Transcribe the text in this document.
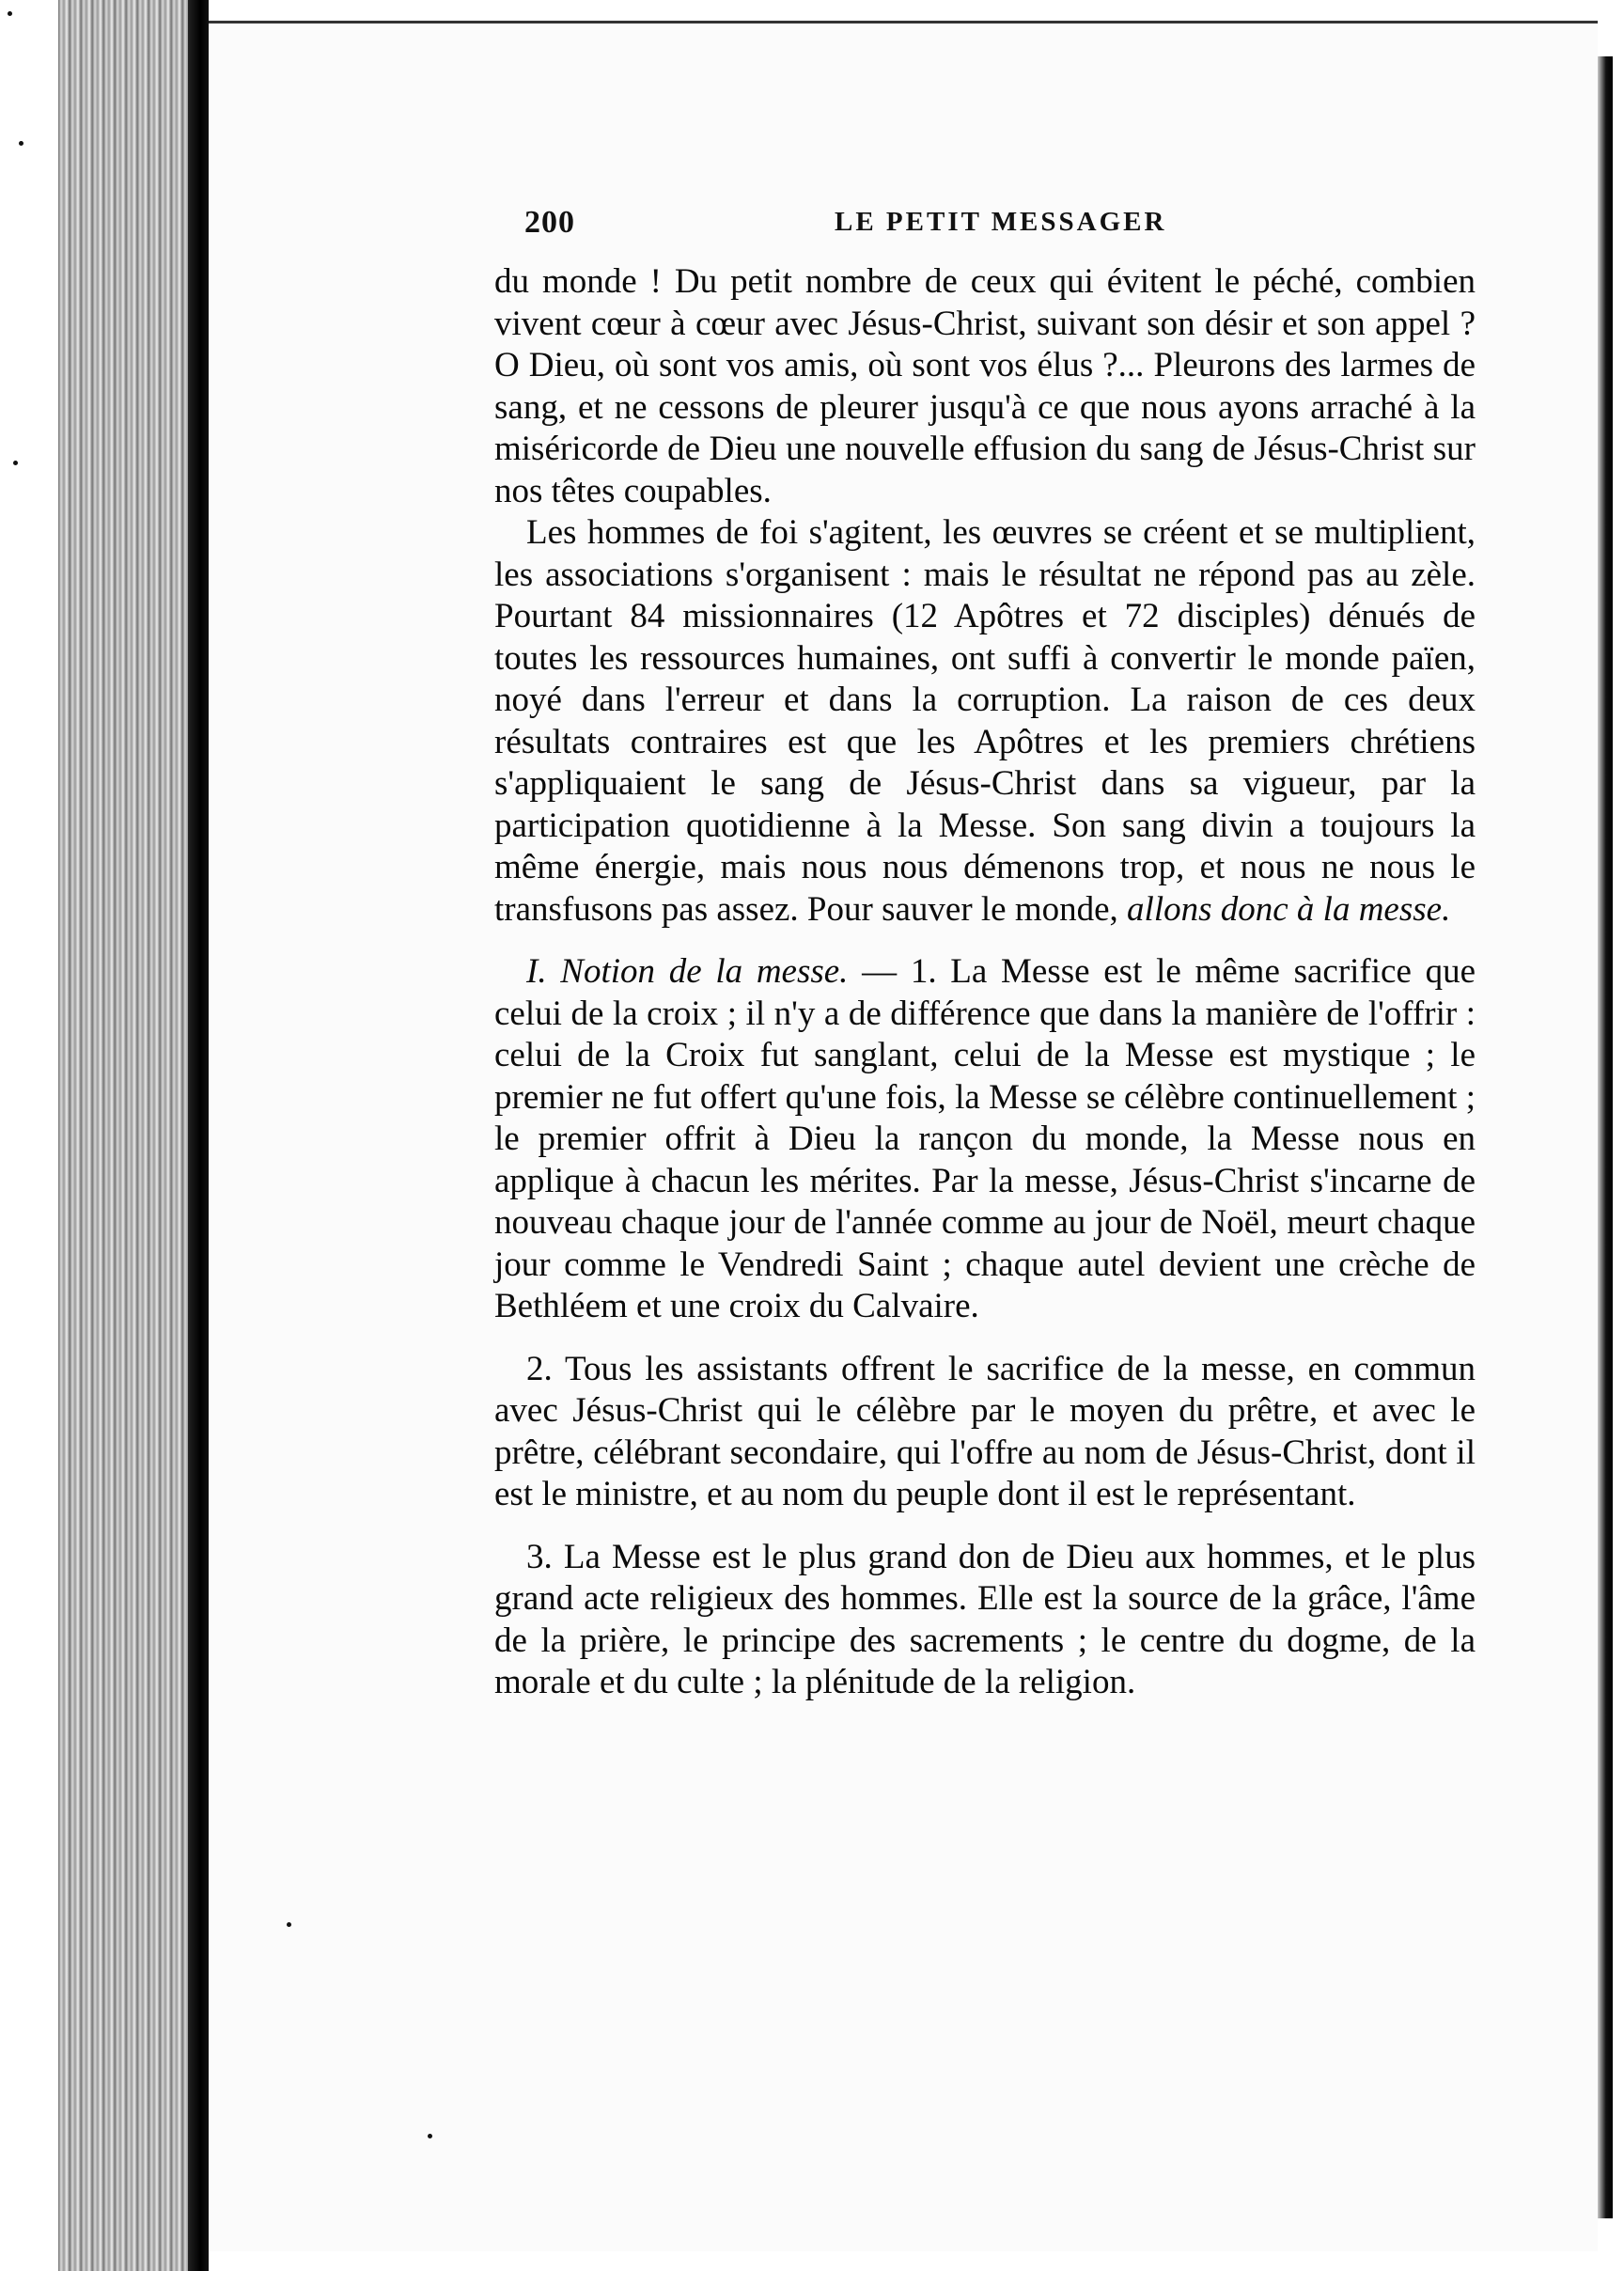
200	LE PETIT MESSAGER

du monde ! Du petit nombre de ceux qui évitent le péché, combien vivent cœur à cœur avec Jésus-Christ, suivant son désir et son appel ? O Dieu, où sont vos amis, où sont vos élus ?... Pleurons des larmes de sang, et ne cessons de pleurer jusqu'à ce que nous ayons arraché à la miséricorde de Dieu une nouvelle effusion du sang de Jésus-Christ sur nos têtes coupables.

Les hommes de foi s'agitent, les œuvres se créent et se multiplient, les associations s'organisent : mais le résultat ne répond pas au zèle. Pourtant 84 missionnaires (12 Apôtres et 72 disciples) dénués de toutes les ressources humaines, ont suffi à convertir le monde païen, noyé dans l'erreur et dans la corruption. La raison de ces deux résultats contraires est que les Apôtres et les premiers chrétiens s'appliquaient le sang de Jésus-Christ dans sa vigueur, par la participation quotidienne à la Messe. Son sang divin a toujours la même énergie, mais nous nous démenons trop, et nous ne nous le transfusons pas assez. Pour sauver le monde, allons donc à la messe.

I. Notion de la messe. — 1. La Messe est le même sacrifice que celui de la croix ; il n'y a de différence que dans la manière de l'offrir : celui de la Croix fut sanglant, celui de la Messe est mystique ; le premier ne fut offert qu'une fois, la Messe se célèbre continuellement ; le premier offrit à Dieu la rançon du monde, la Messe nous en applique à chacun les mérites. Par la messe, Jésus-Christ s'incarne de nouveau chaque jour de l'année comme au jour de Noël, meurt chaque jour comme le Vendredi Saint ; chaque autel devient une crèche de Bethléem et une croix du Calvaire.

2. Tous les assistants offrent le sacrifice de la messe, en commun avec Jésus-Christ qui le célèbre par le moyen du prêtre, et avec le prêtre, célébrant secondaire, qui l'offre au nom de Jésus-Christ, dont il est le ministre, et au nom du peuple dont il est le représentant.

3. La Messe est le plus grand don de Dieu aux hommes, et le plus grand acte religieux des hommes. Elle est la source de la grâce, l'âme de la prière, le principe des sacrements ; le centre du dogme, de la morale et du culte ; la plénitude de la religion.
